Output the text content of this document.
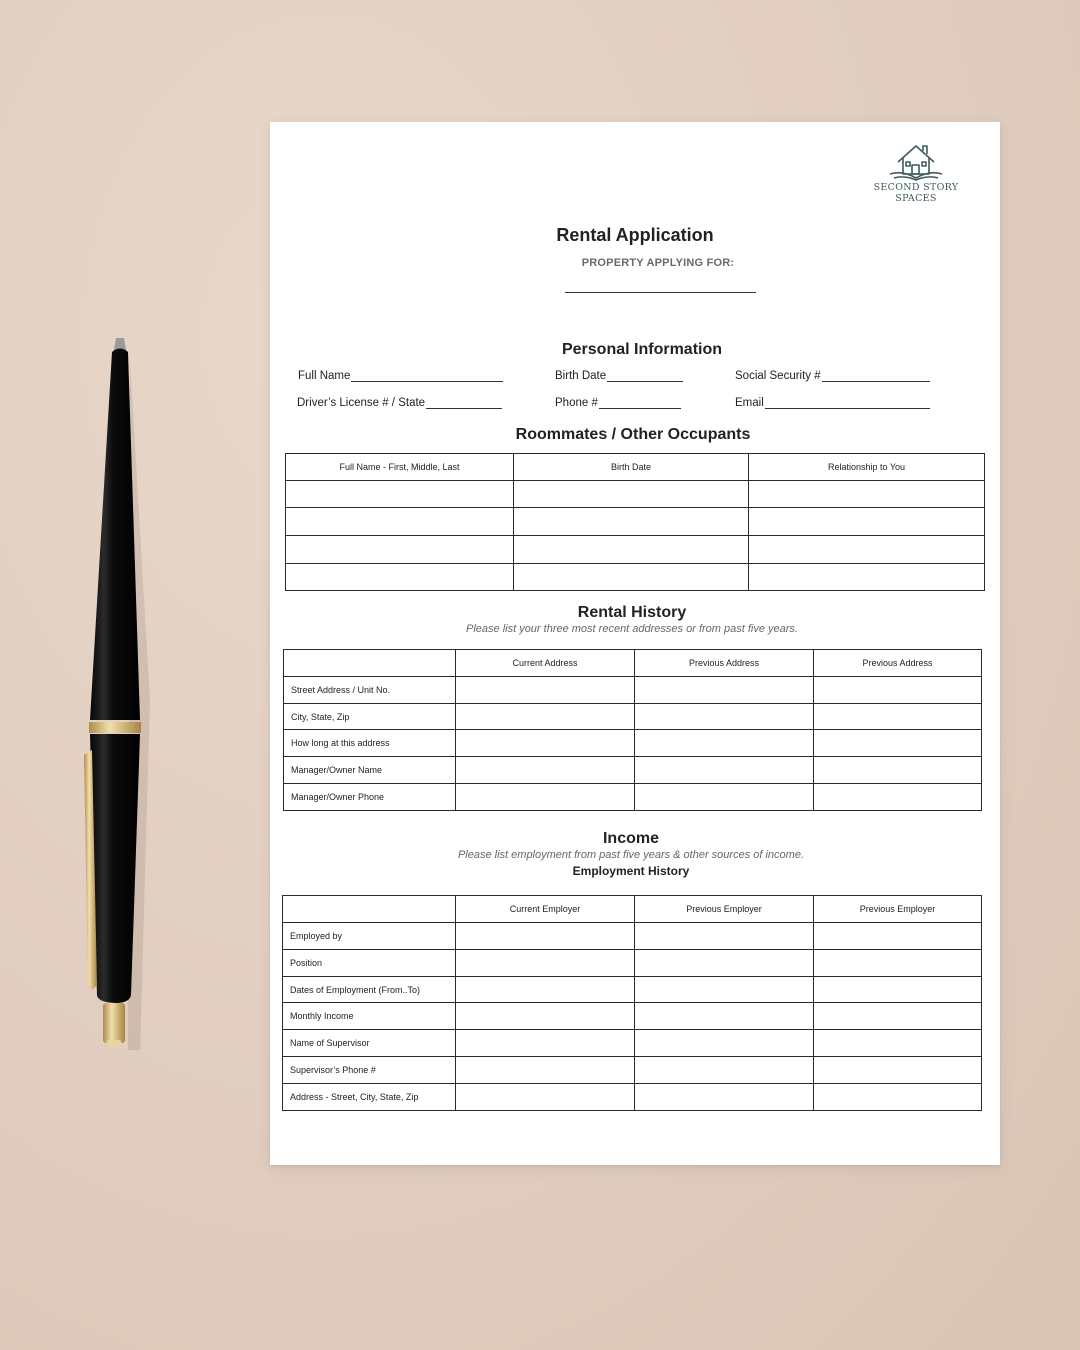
SECOND STORY
SPACES
Rental Application
PROPERTY APPLYING FOR:
Personal Information
Full Name	Birth Date	Social Security #
Driver’s License # / State	Phone #	Email
Roommates / Other Occupants
Full Name - First, Middle, Last	Birth Date	Relationship to You

Rental History
Please list your three most recent addresses or from past five years.
	Current Address	Previous Address	Previous Address
Street Address / Unit No.			
City, State, Zip			
How long at this address			
Manager/Owner Name			
Manager/Owner Phone			
Income
Please list employment from past five years & other sources of income.
Employment History
	Current Employer	Previous Employer	Previous Employer
Employed by			
Position			
Dates of Employment (From..To)			
Monthly Income			
Name of Supervisor			
Supervisor’s Phone #			
Address - Street, City, State, Zip			
